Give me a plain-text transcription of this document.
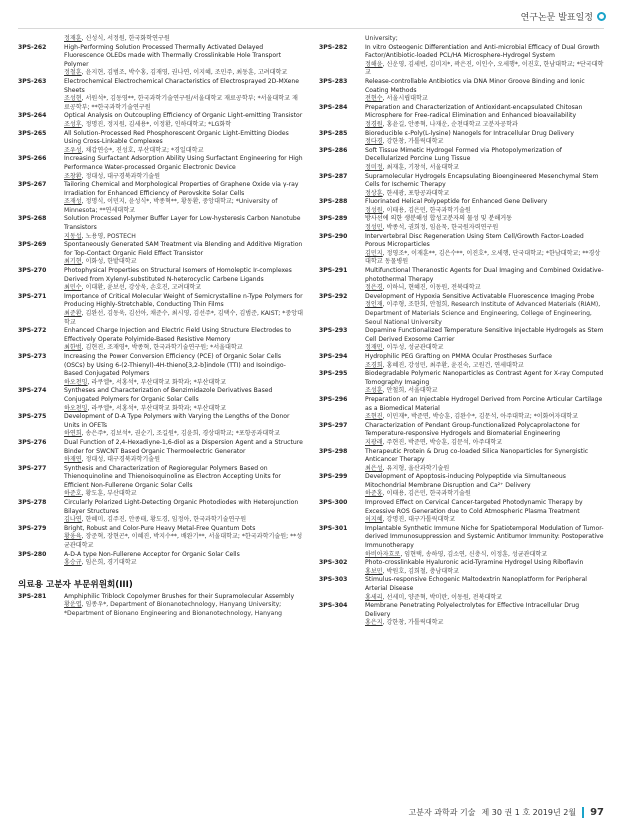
연구논문 발표일정
정재훈, 신성식, 서정원, 한국화학연구원
3PS-262	High-Performing Solution Processed Thermally Activated Delayed Fluorescence OLEDs made with Thermally Crosslinkable Hole Transport Polymer
정철훈, 윤지현, 김범조, 박수홍, 김재영, 권나연, 이지혜, 조민주, 최동훈, 고려대학교
3PS-263	Electrochemical Electrochemical Characteristics of Electrosprayed 2D-MXene Sheets
조성현, 서원석*, 김동영**, 한국과학기술연구원/서울대학교 재료공학부; *서울대학교 재료공학부; **한국과학기술연구원
3PS-264	Optical Analysis on Outcoupling Efficiency of Organic Light-emitting Transistor
조성후, 정명진, 정지원, 김세용*, 이정환, 인하대학교; *LG화학
3PS-265	All Solution-Processed Red Phosphorescent Organic Light-Emitting Diodes Using Cross-Linkable Complexes
조우성, 채갑연승*, 진성호, 부산대학교; *경일대학교
3PS-266	Increasing Surfactant Adsorption Ability Using Surfactant Engineering for High Performance Water-processed Organic Electronic Device
조창환, 정대성, 대구경북과학기술원
3PS-267	Tailoring Chemical and Morphological Properties of Graphene Oxide via γ-ray Irradiation for Enhanced Efficiency of Perovskite Solar Cells
조재성, 정명식, 이민지, 윤성식*, 박종혁**, 황동환, 중앙대학교; *University of Minnesota; **연세대학교
3PS-268	Solution Processed Polymer Buffer Layer for Low-hysteresis Carbon Nanotube Transistors
지동섭, 노용영, POSTECH
3PS-269	Spontaneously Generated SAM Treatment via Blending and Additive Migration for Top-Contact Organic Field Effect Transistor
최기현, 이화성, 한밭대학교
3PS-270	Photophysical Properties on Structural Isomers of Homoleptic Ir-complexes Derived from Xylenyl-substituted N-heterocyclic Carbene Ligands
최민수, 이대환, 윤보선, 강상욱, 손호진, 고려대학교
3PS-271	Importance of Critical Molecular Weight of Semicrystalline n-Type Polymers for Producing Highly-Stretchable, Conducting Thin Films
최준환, 김완선, 김동욱, 김선아, 채준수, 최시영, 김선주*, 김택수, 김범준, KAIST; *중앙대학교
3PS-272	Enhanced Charge Injection and Electric Field Using Structure Electrodes to Effectively Operate Polyimide-Based Resistive Memory
최한범, 김현진, 조재영*, 박종혁, 한국과학기술연구원; *서울대학교
3PS-273	Increasing the Power Conversion Efficiency (PCE) of Organic Solar Cells (OSCs) by Using 6-(2-Thienyl)-4H-thieno[3,2-b]indole (TTI) and Isoindigo-Based Conjugated Polymers
하오천밍, 라쿠엘*, 서홍석*, 부산대학교 화학과; *부산대학교
3PS-274	Syntheses and Characterization of Benzimidazole Derivatives Based Conjugated Polymers for Organic Solar Cells
하오천밍, 라쿠엘*, 서홍석*, 부산대학교 화학과; *부산대학교
3PS-275	Development of D-A Type Polymers with Varying the Lengths of the Donor Units in OFETs
하연희, 송은주*, 김보석*, 권순기, 조길원*, 김윤희, 경상대학교; *포항공과대학교
3PS-276	Dual Function of 2,4-Hexadiyne-1,6-diol as a Dispersion Agent and a Structure Binder for SWCNT Based Organic Thermoelectric Generator
하재연, 정대성, 대구경북과학기술원
3PS-277	Synthesis and Characterization of Regioregular Polymers Based on Thienoquinoline and Thienoisoquinoline as Electron Accepting Units for Efficient Non-Fullerene Organic Solar Cells
하준호, 황도훈, 부산대학교
3PS-278	Circularly Polarized Light-Detecting Organic Photodiodes with Heterojunction Bilayer Structures
김나연, 한혜미, 김주진, 안종태, 황도경, 임정아, 한국과학기술연구원
3PS-279	Bright, Robust and Color-Pure Heavy Metal-Free Quantum Dots
황웅육, 장준혁, 장현곤*, 이혜진, 박지수**, 배완기**, 서울대학교; *한국과학기술원; **성균관대학교
3PS-280	A-D-A type Non-Fullerene Acceptor for Organic Solar Cells
홍승규, 임은희, 경기대학교
의료용 고분자 부문위원회(III)
3PS-281	Amphiphilic Triblock Copolymer Brushes for their Supramolecular Assembly
황운엽, 임종우*, Department of Bionanotechnology, Hanyang University; *Department of Bionano Engineering and Bionanotechnology, Hanyang
University;
3PS-282	In vitro Osteogenic Differentiation and Anti-microbial Efficacy of Dual Growth Factor/Antibiotic-loaded PCL/HA Microsphere-Hydrogel System
정해윤, 신운영, 김세빈, 김미지*, 곽은진, 이인수, 오세행*, 이진호, 한남대학교; *단국대학교
3PS-283	Release-controllable Antibiotics via DNA Minor Groove Binding and Ionic Coating Methods
전현수, 서울시립대학교
3PS-284	Preparation and Characterization of Antioxidant-encapsulated Chitosan Microsphere for Free-radical Elimination and Enhanced bioavailability
정경원, 홍윤길, 안종혁, 나재운, 순천대학교 고분자공학과
3PS-285	Bioreducible ε-Poly(L-lysine) Nanogels for Intracellular Drug Delivery
정다경, 강한창, 가톨릭대학교
3PS-286	Soft Tissue Mimetic Hydrogel Formed via Photopolymerization of Decellularized Porcine Lung Tissue
정미정, 최재훈, 기창석, 서울대학교
3PS-287	Supramolecular Hydrogels Encapsulating Bioengineered Mesenchymal Stem Cells for Ischemic Therapy
정상훈, 한세광, 포항공과대학교
3PS-288	Fluorinated Helical Polypeptide for Enhanced Gene Delivery
정성원, 이태용, 김은민, 한국과학기술원
3PS-289	방사선에 의한 생분해성 합성고분자의 물성 및 분해거동
정성민, 박종석, 권희정, 임윤묵, 한국원자력연구원
3PS-290	Intervertebral Disc Regeneration Using Stem Cell/Growth Factor-Loaded Porous Microparticles
김민지, 정영조*, 이재훈**, 김은수**, 이진호*, 오세행, 단국대학교; *한남대학교; **경상대학교 동물병원
3PS-291	Multifunctional Theranostic Agents for Dual Imaging and Combined Oxidative-photothermal Therapy
정은경, 이하늬, 현혜진, 이동원, 전북대학교
3PS-292	Development of Hypoxia Sensitive Activatable Fluorescence Imaging Probe
정인재, 이주형, 조한희, 안철희, Research Institute of Advanced Materials (RIAM), Department of Materials Science and Engineering, College of Engineering, Seoul National University
3PS-293	Dopamine Functionalized Temperature Sensitive Injectable Hydrogels as Stem Cell Derived Exosome Carrier
정재민, 이두성, 성균관대학교
3PS-294	Hydrophilic PEG Grafting on PMMA Ocular Prostheses Surface
조경희, 홍혜진, 강성민, 최주환, 윤진숙, 고원건, 연세대학교
3PS-295	Biodegradable Polymeric Nanoparticles as Contrast Agent for X-ray Computed Tomography Imaging
조성훈, 안철희, 서울대학교
3PS-296	Preparation of an Injectable Hydrogel Derived from Porcine Articular Cartilage as a Biomedical Material
조현진, 이민재*, 박준면, 박승훈, 김완수*, 김문석, 아주대학교; *이화여자대학교
3PS-297	Characterization of Pendant Group-functionalized Polycaprolactone for Temperature-responsive Hydrogels and Biomaterial Engineering
지광래, 주현진, 박준면, 박승훈, 김문석, 아주대학교
3PS-298	Therapeutic Protein & Drug co-loaded Silica Nanoparticles for Synergistic Anticancer Therapy
최은성, 유지형, 울산과학기술원
3PS-299	Development of Apoptosis-inducing Polypeptide via Simultaneous Mitochondrial Membrane Disruption and Ca²⁺ Delivery
하준홍, 이태용, 김은민, 한국과학기술원
3PS-300	Improved Effect on Cervical Cancer-targeted Photodynamic Therapy by Excessive ROS Generation due to Cold Atmospheric Plasma Treatment
허지혜, 강명진, 대구가톨릭대학교
3PS-301	Implantable Synthetic Immune Niche for Spatiotemporal Modulation of Tumor-derived Immunosuppression and Systemic Antitumor Immunity: Postoperative Immunotherapy
하비아자흐로, 임현택, 송하영, 김소연, 신충식, 이정훈, 성균관대학교
3PS-302	Photo-crosslinkable Hyaluronic acid-Tyramine Hydrogel Using Riboflavin
홍보민, 박원호, 김희철, 충남대학교
3PS-303	Stimulus-responsive Echogenic Maltodextrin Nanoplatform for Peripheral Arterial Disease
홍세리, 선세미, 양준혁, 박미란, 이동원, 전북대학교
3PS-304	Membrane Penetrating Polyelectrolytes for Effective Intracellular Drug Delivery
홍은지, 강한창, 가톨릭대학교
고분자 과학과 기술 제 30 권 1 호 2019년 2월 97
